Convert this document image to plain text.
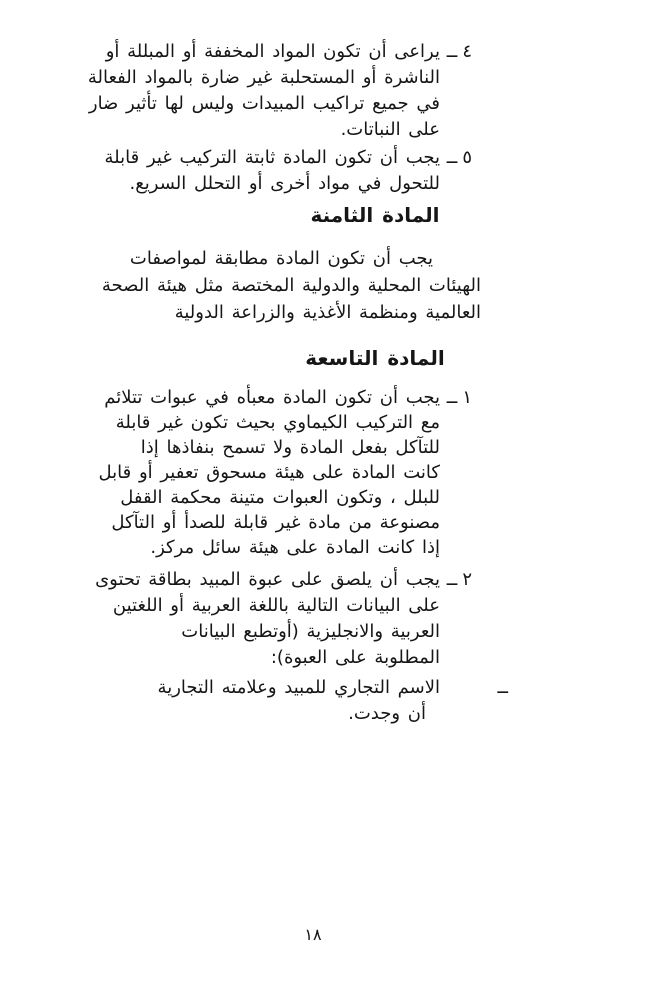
٤ــ
يراعى أن تكون المواد المخففة أو المبللة أو
الناشرة أو المستحلبة غير ضارة بالمواد الفعالة
في جميع تراكيب المبيدات وليس لها تأثير ضار
على النباتات.
٥ــ
يجب أن تكون المادة ثابتة التركيب غير قابلة
للتحول في مواد أخرى أو التحلل السريع.
المادة الثامنة
يجب أن تكون المادة مطابقة لمواصفات
الهيئات المحلية والدولية المختصة مثل هيئة الصحة
العالمية ومنظمة الأغذية والزراعة الدولية
المادة التاسعة
١ــ
يجب أن تكون المادة معبأه في عبوات تتلائم
مع التركيب الكيماوي بحيث تكون غير قابلة
للتآكل بفعل المادة ولا تسمح بنفاذها إذا
كانت المادة على هيئة مسحوق تعفير أو قابل
للبلل ، وتكون العبوات متينة محكمة القفل
مصنوعة من مادة غير قابلة للصدأ أو التآكل
إذا كانت المادة على هيئة سائل مركز.
٢ــ
يجب أن يلصق على عبوة المبيد بطاقة تحتوى
على البيانات التالية باللغة العربية أو اللغتين
العربية والانجليزية (أوتطبع البيانات
المطلوبة على العبوة):
ــ
الاسم التجاري للمبيد وعلامته التجارية
أن وجدت.
١٨
